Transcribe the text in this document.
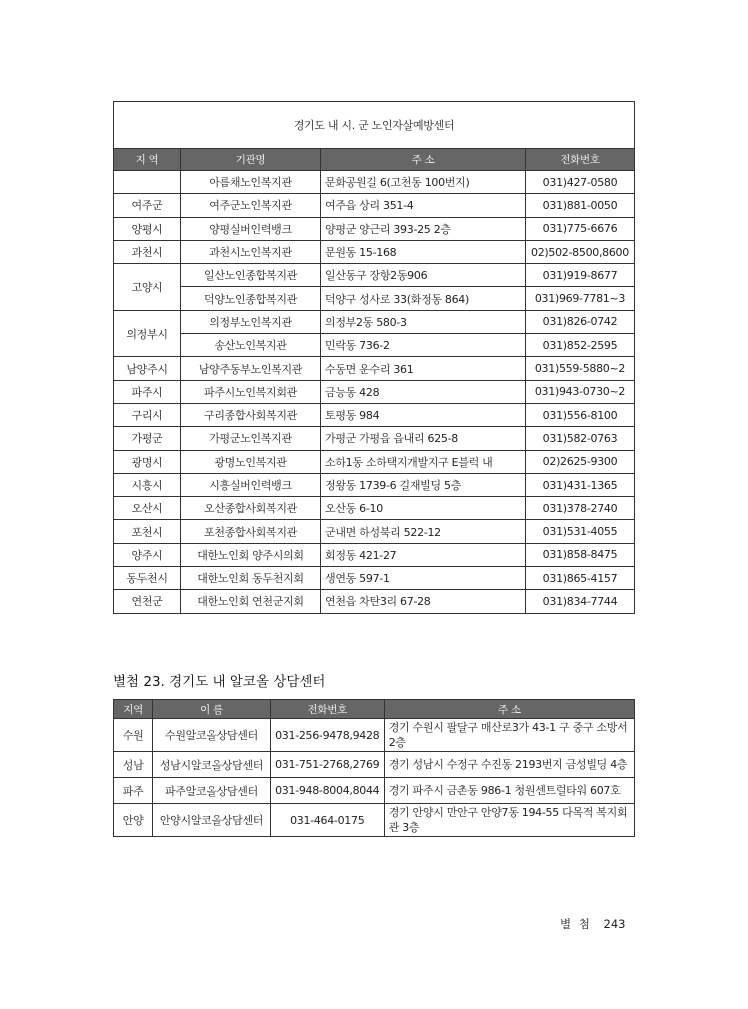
경기도 내 시. 군 노인자살예방센터			
지 역	기관명	주 소	전화번호
	아름채노인복지관	문화공원길 6(고천동 100번지)	031)427-0580
여주군	여주군노인복지관	여주읍 상리 351-4	031)881-0050
양평시	양평실버인력뱅크	양평군 양근리 393-25 2층	031)775-6676
과천시	과천시노인복지관	문원동 15-168	02)502-8500,8600
고양시	일산노인종합복지관	일산동구 장항2동906	031)919-8677
	덕양노인종합복지관	덕양구 성사로 33(화정동 864)	031)969-7781~3
의정부시	의정부노인복지관	의정부2동 580-3	031)826-0742
	송산노인복지관	민락동 736-2	031)852-2595
남양주시	남양주동부노인복지관	수동면 운수리 361	031)559-5880~2
파주시	파주시노인복지회관	금능동 428	031)943-0730~2
구리시	구리종합사회복지관	토평동 984	031)556-8100
가평군	가평군노인복지관	가평군 가평읍 읍내리 625-8	031)582-0763
광명시	광명노인복지관	소하1동 소하택지개발지구 E블럭 내	02)2625-9300
시흥시	시흥실버인력뱅크	정왕동 1739-6 길재빌딩 5층	031)431-1365
오산시	오산종합사회복지관	오산동 6-10	031)378-2740
포천시	포천종합사회복지관	군내면 하성북리 522-12	031)531-4055
양주시	대한노인회 양주시의회	회정동 421-27	031)858-8475
동두천시	대한노인회 동두천지회	생연동 597-1	031)865-4157
연천군	대한노인회 연천군지회	연천읍 차탄3리 67-28	031)834-7744
별첨 23. 경기도 내 알코올 상담센터
지역	이 름	전화번호	주 소
수원	수원알코올상담센터	031-256-9478,9428	경기 수원시 팔달구 매산로3가 43-1 구 중구 소방서 2층
성남	성남시알코올상담센터	031-751-2768,2769	경기 성남시 수정구 수진동 2193번지 금성빌딩 4층
파주	파주알코올상담센터	031-948-8004,8044	경기 파주시 금촌동 986-1 청원센트럴타워 607호
안양	안양시알코올상담센터	031-464-0175	경기 안양시 만안구 안양7동 194-55 다목적 복지회관 3층
별 첨 243
